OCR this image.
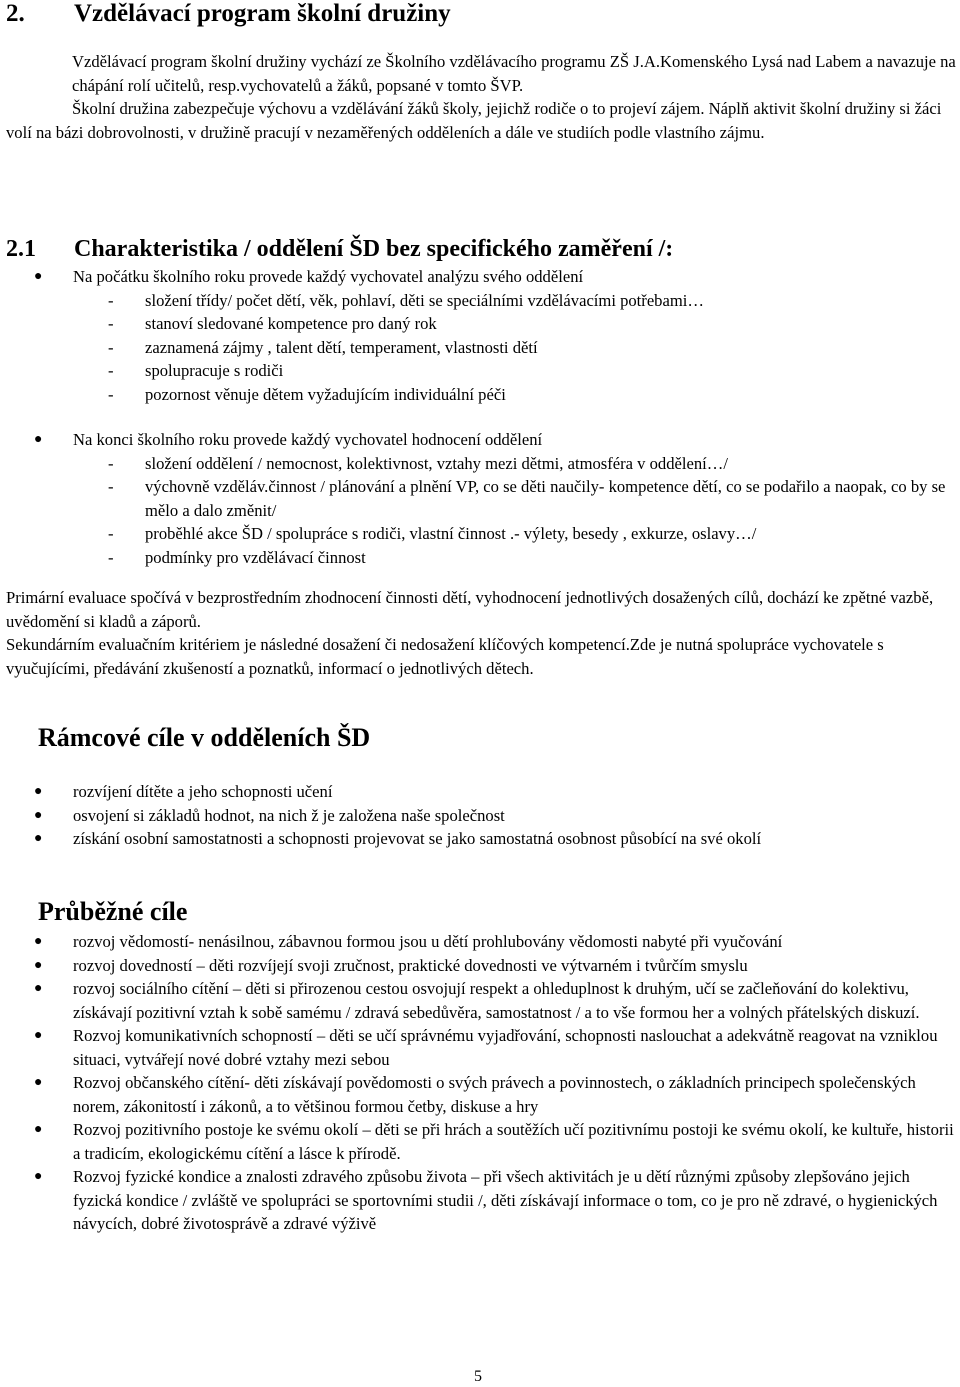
2. Vzdělávací program školní družiny

Vzdělávací program školní družiny vychází ze Školního vzdělávacího programu ZŠ J.A.Komenského Lysá nad Labem a navazuje na chápání rolí učitelů, resp.vychovatelů a žáků, popsané v tomto ŠVP.

Školní družina zabezpečuje výchovu a vzdělávání žáků školy, jejichž rodiče o to projeví zájem. Náplň aktivit školní družiny si žáci volí na bázi dobrovolnosti, v družině pracují v nezaměřených odděleních a dále ve studiích podle vlastního zájmu.

2.1 Charakteristika / oddělení ŠD bez specifického zaměření /:
● Na počátku školního roku provede každý vychovatel analýzu svého oddělení
- složení třídy/ počet dětí, věk, pohlaví, děti se speciálními vzdělávacími potřebami…
- stanoví sledované kompetence pro daný rok
- zaznamená zájmy , talent dětí, temperament, vlastnosti dětí
- spolupracuje s rodiči
- pozornost věnuje dětem vyžadujícím individuální péči
● Na konci školního roku provede každý vychovatel hodnocení oddělení
- složení oddělení / nemocnost, kolektivnost, vztahy mezi dětmi, atmosféra v oddělení…/
- výchovně vzděláv.činnost / plánování a plnění VP, co se děti naučily- kompetence dětí, co se podařilo a naopak, co by se mělo a dalo změnit/
- proběhlé akce ŠD / spolupráce s rodiči, vlastní činnost .- výlety, besedy , exkurze, oslavy…/
- podmínky pro vzdělávací činnost

Primární evaluace spočívá v bezprostředním zhodnocení činnosti dětí, vyhodnocení jednotlivých dosažených cílů, dochází ke zpětné vazbě, uvědomění si kladů a záporů.

Sekundárním evaluačním kritériem je následné dosažení či nedosažení klíčových kompetencí.Zde je nutná spolupráce vychovatele s vyučujícími, předávání zkušeností a poznatků, informací o jednotlivých dětech.

Rámcové cíle v odděleních ŠD
● rozvíjení dítěte a jeho schopnosti učení
● osvojení si základů hodnot, na nich ž je založena naše společnost
● získání osobní samostatnosti a schopnosti projevovat se jako samostatná osobnost působící na své okolí
Průběžné cíle
● rozvoj vědomostí- nenásilnou, zábavnou formou jsou u dětí prohlubovány vědomosti nabyté při vyučování
● rozvoj dovedností – děti rozvíjejí svoji zručnost, praktické dovednosti ve výtvarném i tvůrčím smyslu
● rozvoj sociálního cítění – děti si přirozenou cestou osvojují respekt a ohleduplnost k druhým, učí se začleňování do kolektivu, získávají pozitivní vztah k sobě samému / zdravá sebedůvěra, samostatnost / a to vše formou her a volných přátelských diskuzí.
● Rozvoj komunikativních schopností – děti se učí správnému vyjadřování, schopnosti naslouchat a adekvátně reagovat na vzniklou situaci, vytvářejí nové dobré vztahy mezi sebou
● Rozvoj občanského cítění- děti získávají povědomosti o svých právech a povinnostech, o základních principech společenských norem, zákonitostí i zákonů, a to většinou formou četby, diskuse a hry
● Rozvoj pozitivního postoje ke svému okolí – děti se při hrách a soutěžích učí pozitivnímu postoji ke svému okolí, ke kultuře, historii a tradicím, ekologickému cítění a lásce k přírodě.
● Rozvoj fyzické kondice a znalosti zdravého způsobu života – při všech aktivitách je u dětí různými způsoby zlepšováno jejich fyzická kondice / zvláště ve spolupráci se sportovními studii /, děti získávají informace o tom, co je pro ně zdravé, o hygienických návycích, dobré životosprávě a zdravé výživě
5
